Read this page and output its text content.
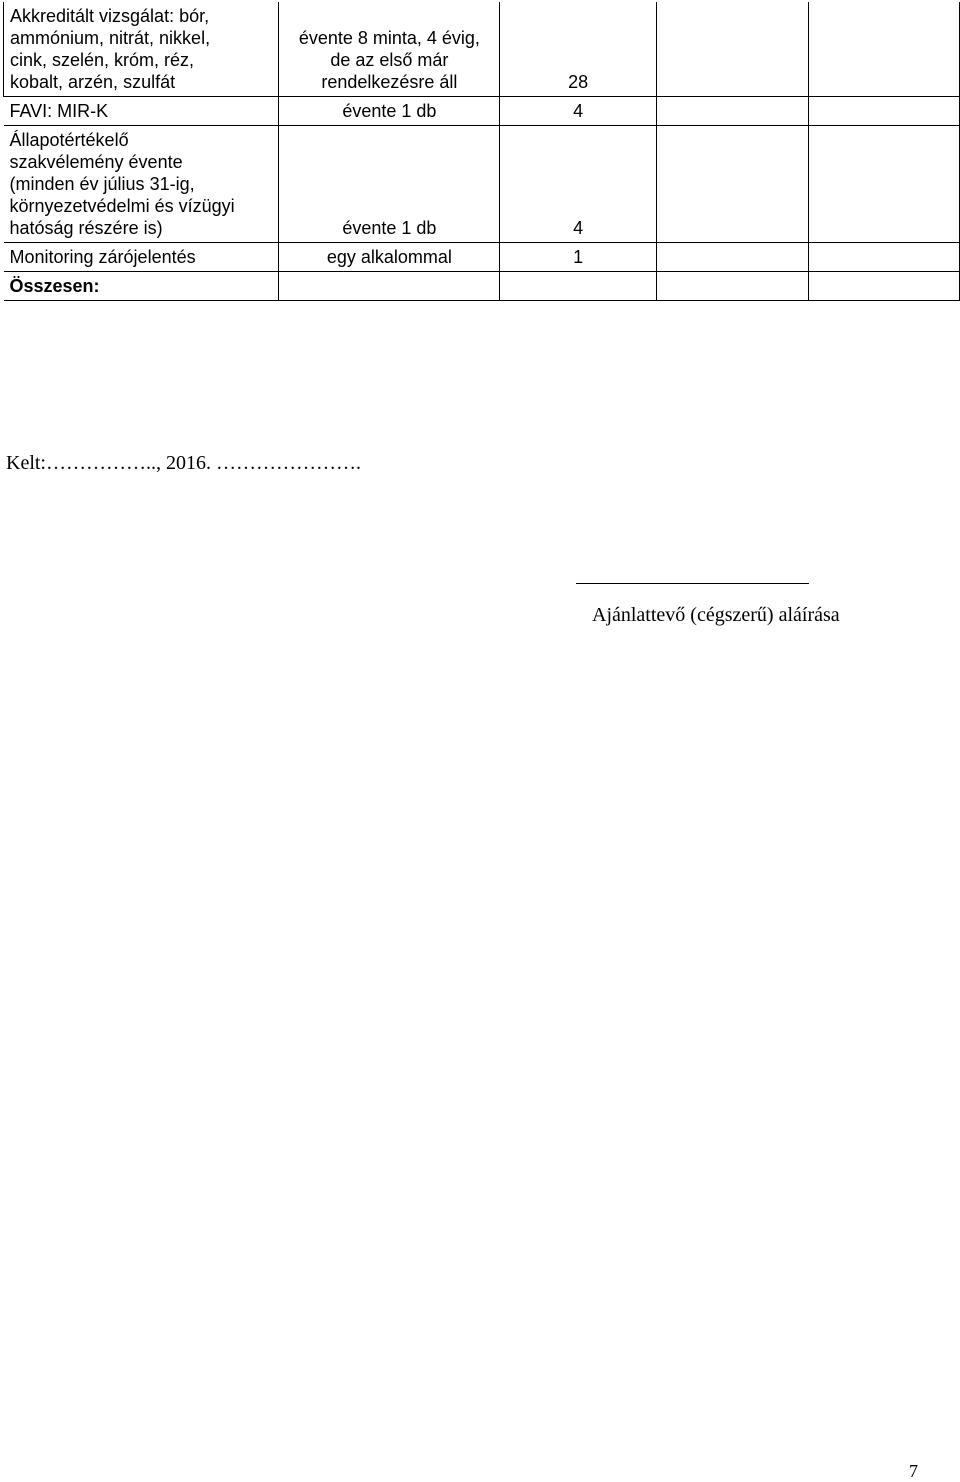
Akkreditált vizsgálat: bór,
ammónium, nitrát, nikkel,
cink, szelén, króm, réz,
kobalt, arzén, szulfát	évente 8 minta, 4 évig,
de az első már
rendelkezésre áll	28		
FAVI: MIR-K	évente 1 db	4		
Állapotértékelő
szakvélemény évente
(minden év július 31-ig,
környezetvédelmi és vízügyi
hatóság részére is)	évente 1 db	4		
Monitoring zárójelentés	egy alkalommal	1		
Összesen:				
Kelt:…………….., 2016. ………………….
Ajánlattevő (cégszerű) aláírása
7
